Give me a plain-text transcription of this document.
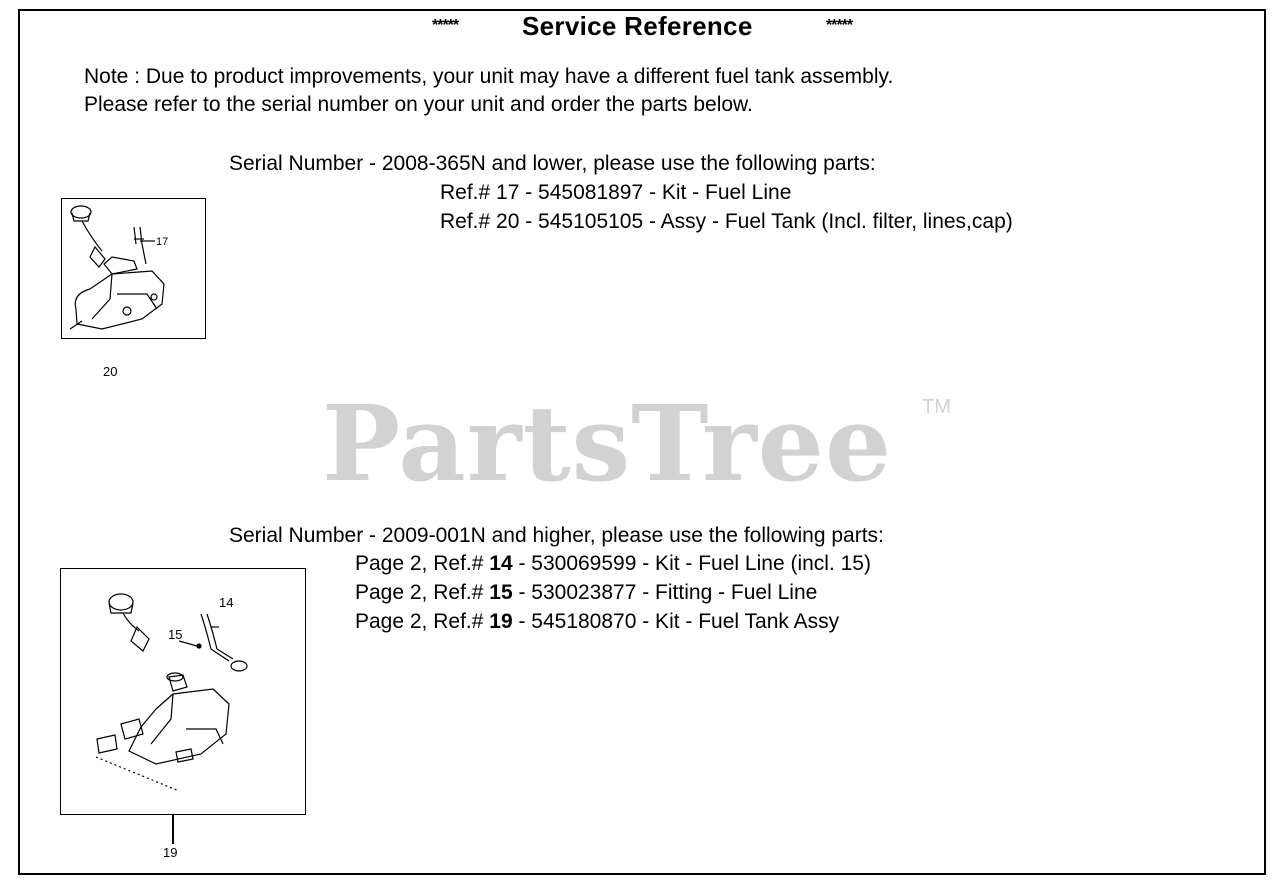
***** Service Reference	*****
Note : Due to product improvements, your unit may have a different fuel tank assembly.
Please refer to the serial number on your unit and order the parts below.
Serial Number - 2008-365N and lower, please use the following parts:
Ref.# 17 - 545081897 - Kit - Fuel Line
Ref.# 20 - 545105105 - Assy - Fuel Tank (Incl. filter, lines,cap)
17
20
PartsTree TM
Serial Number - 2009-001N and higher, please use the following parts:
Page 2, Ref.# 14 - 530069599 - Kit - Fuel Line (incl. 15)
Page 2, Ref.# 15 - 530023877 - Fitting - Fuel Line
Page 2, Ref.# 19 - 545180870 - Kit - Fuel Tank Assy
14
15
19
